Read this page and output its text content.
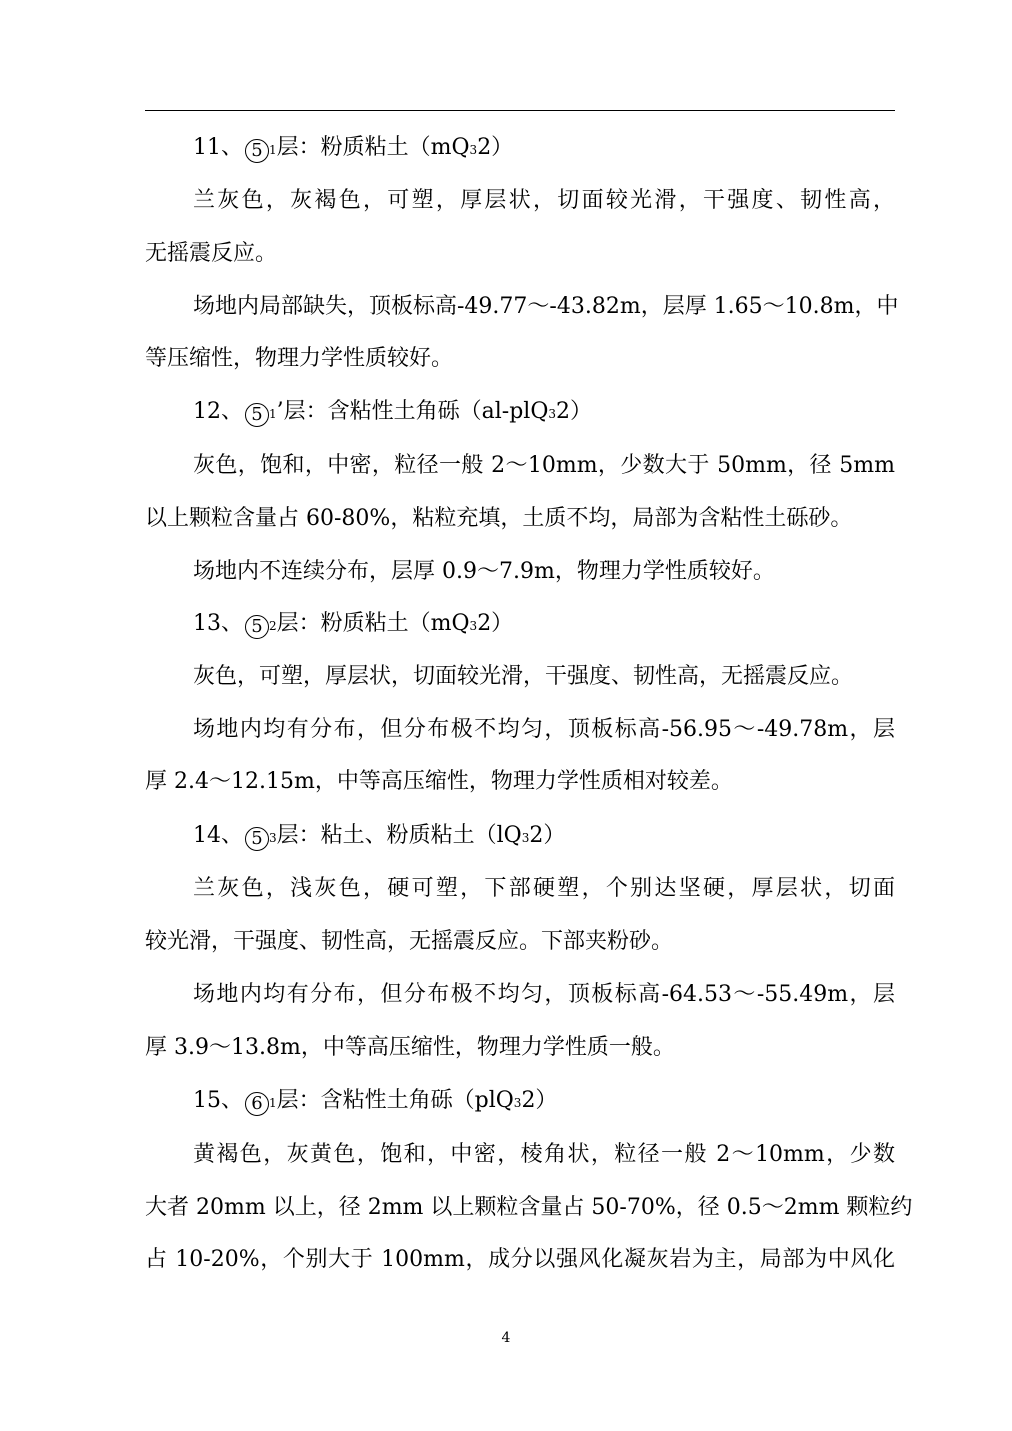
11、 5 1层：粉质粘土（mQ32）
兰灰色，灰褐色，可塑，厚层状，切面较光滑，干强度、韧性高，
无摇震反应。
场地内局部缺失，顶板标高-49.77～-43.82m，层厚 1.65～10.8m，中
等压缩性，物理力学性质较好。
12、 5 1’层：含粘性土角砾（al-plQ32）
灰色，饱和，中密，粒径一般 2～10mm，少数大于 50mm，径 5mm
以上颗粒含量占 60-80%，粘粒充填，土质不均，局部为含粘性土砾砂。
场地内不连续分布，层厚 0.9～7.9m，物理力学性质较好。
13、 5 2层：粉质粘土（mQ32）
灰色，可塑，厚层状，切面较光滑，干强度、韧性高，无摇震反应。
场地内均有分布，但分布极不均匀，顶板标高-56.95～-49.78m，层
厚 2.4～12.15m，中等高压缩性，物理力学性质相对较差。
14、 5 3层：粘土、粉质粘土（lQ32）
兰灰色，浅灰色，硬可塑，下部硬塑，个别达坚硬，厚层状，切面
较光滑，干强度、韧性高，无摇震反应。下部夹粉砂。
场地内均有分布，但分布极不均匀，顶板标高-64.53～-55.49m，层
厚 3.9～13.8m，中等高压缩性，物理力学性质一般。
15、 6 1层：含粘性土角砾（plQ32）
黄褐色，灰黄色，饱和，中密，棱角状，粒径一般 2～10mm，少数
大者 20mm 以上，径 2mm 以上颗粒含量占 50-70%，径 0.5～2mm 颗粒约
占 10-20%，个别大于 100mm，成分以强风化凝灰岩为主，局部为中风化
4
